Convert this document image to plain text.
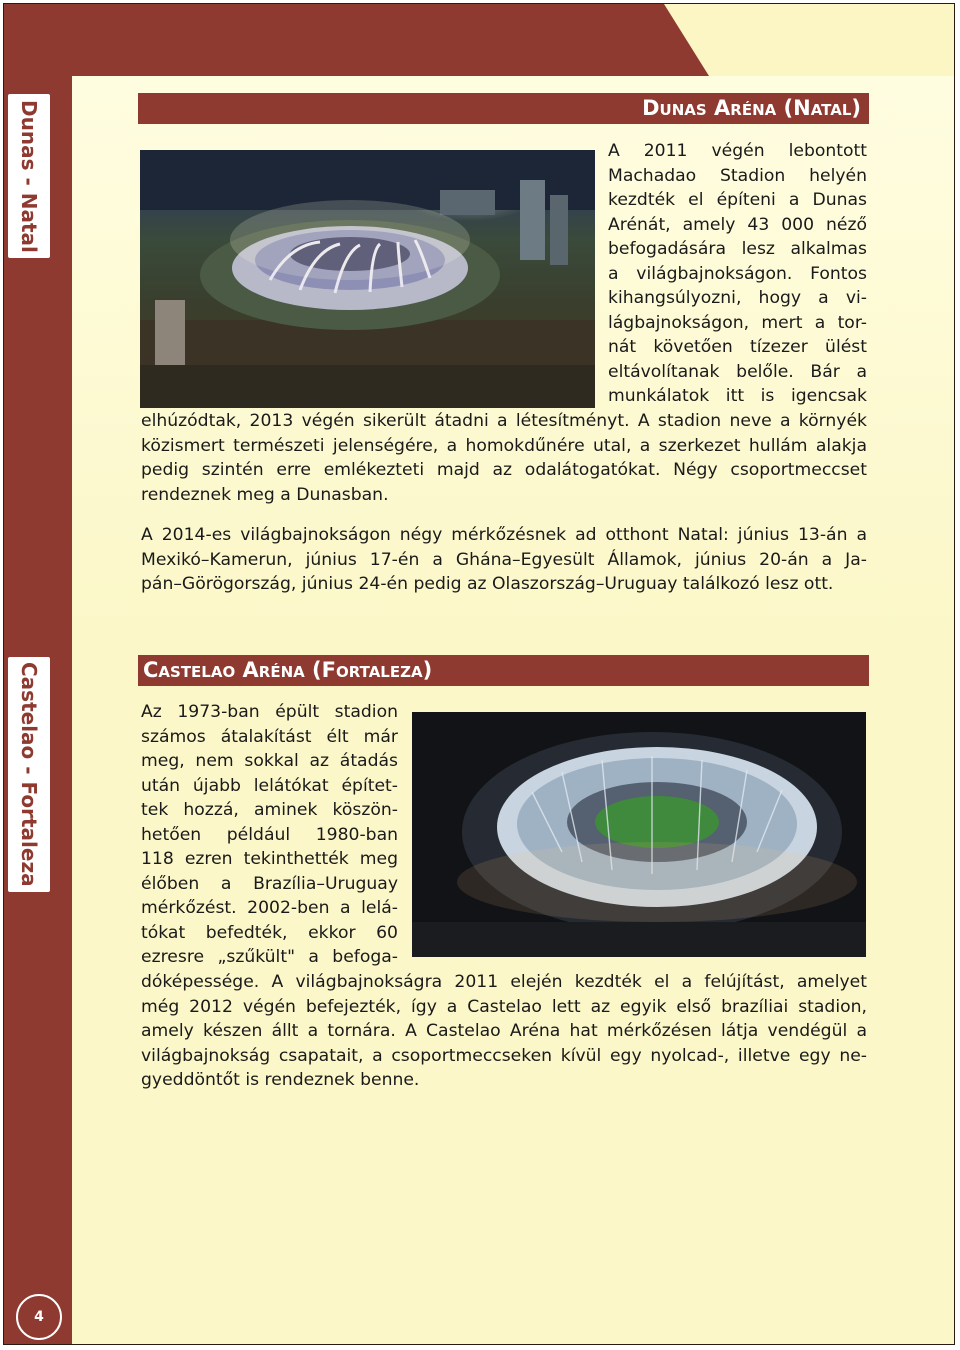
Dunas - Natal
Castelao - Fortaleza
4
Dunas Aréna (Natal)

A 2011 végén lebontott

Machadao Stadion helyén

kezdték el építeni a Dunas

Arénát, amely 43 000 néző

befogadására lesz alkalmas

a világbajnokságon. Fontos

kihangsúlyozni, hogy a vi-

lágbajnokságon, mert a tor-

nát követően tízezer ülést

eltávolítanak belőle. Bár a

munkálatok itt is igencsak

elhúzódtak, 2013 végén sikerült átadni a létesítményt. A stadion neve a környék

közismert természeti jelenségére, a homokdűnére utal, a szerkezet hullám alakja

pedig szintén erre emlékezteti majd az odalátogatókat. Négy csoportmeccset

rendeznek meg a Dunasban.

A 2014-es világbajnokságon négy mérkőzésnek ad otthont Natal: június 13-án a

Mexikó–Kamerun, június 17-én a Ghána–Egyesült Államok, június 20-án a Ja-

pán–Görögország, június 24-én pedig az Olaszország–Uruguay találkozó lesz ott.

Castelao Aréna (Fortaleza)

Az 1973-ban épült stadion

számos átalakítást élt már

meg, nem sokkal az átadás

után újabb lelátókat építet-

tek hozzá, aminek köszön-

hetően például 1980-ban

118 ezren tekinthették meg

élőben a Brazília–Uruguay

mérkőzést. 2002-ben a lelá-

tókat befedték, ekkor 60

ezresre „szűkült" a befoga-

dóképessége. A világbajnokságra 2011 elején kezdték el a felújítást, amelyet

még 2012 végén befejezték, így a Castelao lett az egyik első brazíliai stadion,

amely készen állt a tornára. A Castelao Aréna hat mérkőzésen látja vendégül a

világbajnokság csapatait, a csoportmeccseken kívül egy nyolcad-, illetve egy ne-

gyeddöntőt is rendeznek benne.
